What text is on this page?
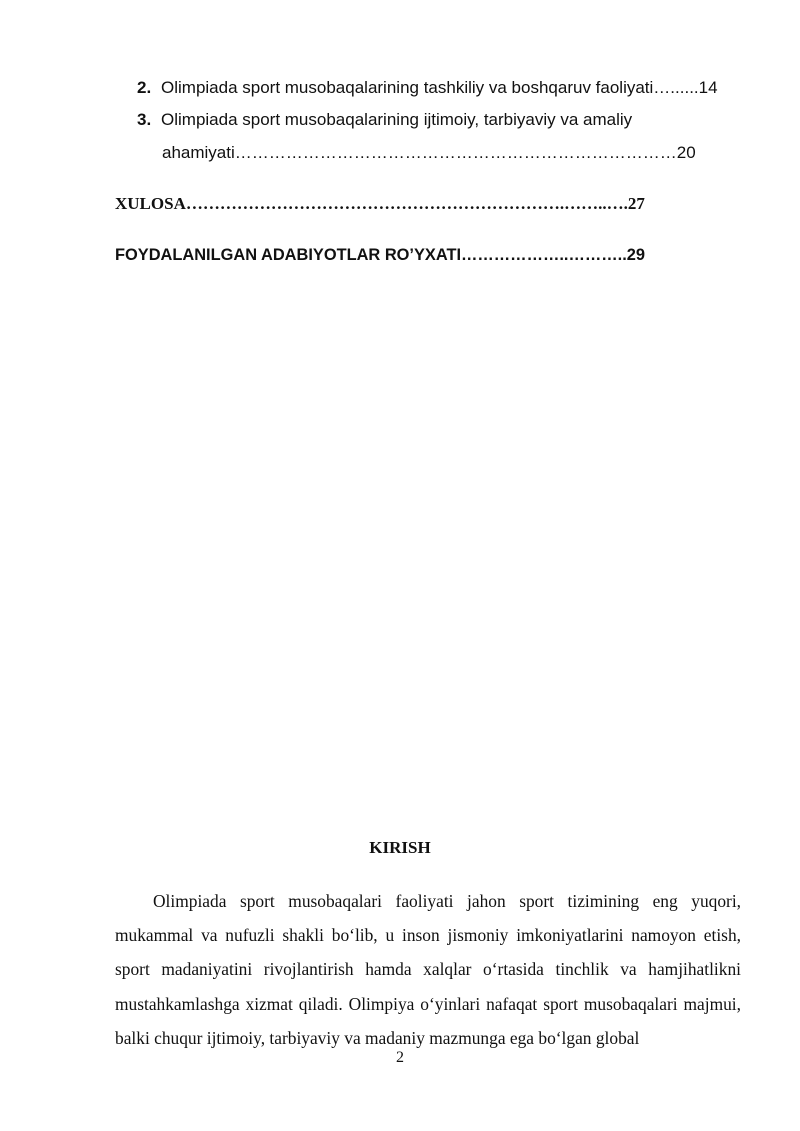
2. Olimpiada sport musobaqalarining tashkiliy va boshqaruv faoliyati…......14
3. Olimpiada sport musobaqalarining ijtimoiy, tarbiyaviy va amaliy
ahamiyati……………………………………………………………………20
XULOSA………………………………………………………….……..….27
FOYDALANILGAN ADABIYOTLAR RO’YXATI………………..………..29
KIRISH

Olimpiada sport musobaqalari faoliyati jahon sport tizimining eng yuqori, mukammal va nufuzli shakli bo‘lib, u inson jismoniy imkoniyatlarini namoyon etish, sport madaniyatini rivojlantirish hamda xalqlar o‘rtasida tinchlik va hamjihatlikni mustahkamlashga xizmat qiladi. Olimpiya o‘yinlari nafaqat sport musobaqalari majmui, balki chuqur ijtimoiy, tarbiyaviy va madaniy mazmunga ega bo‘lgan global

2
